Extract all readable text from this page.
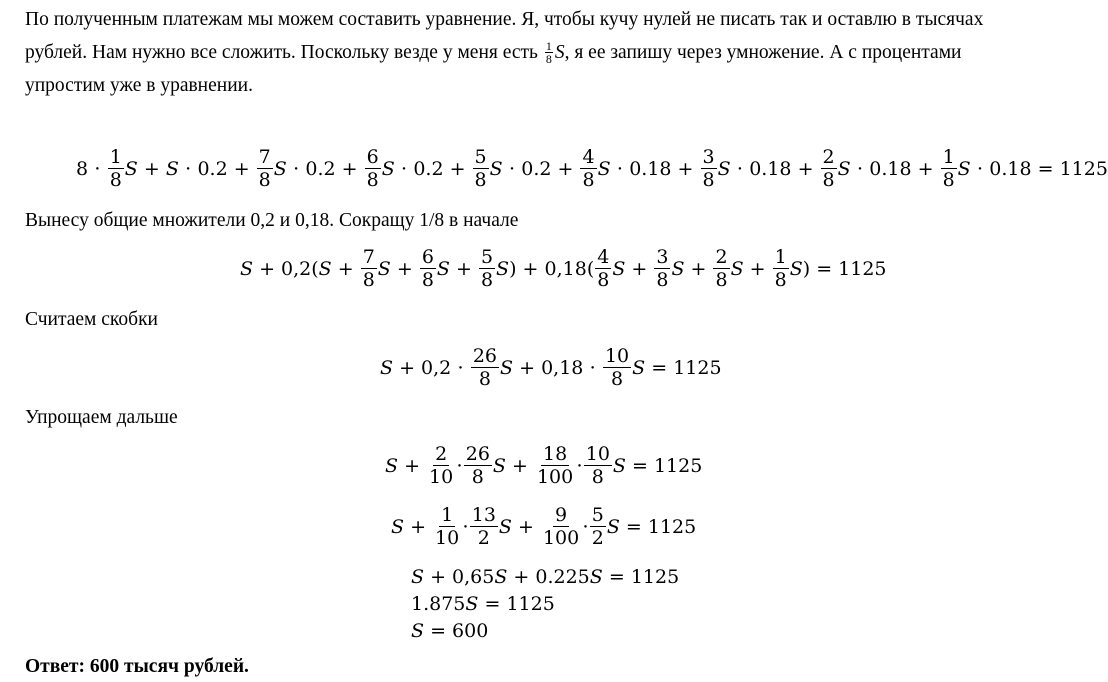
По полученным платежам мы можем составить уравнение. Я, чтобы кучу нулей не писать так и оставлю в тысячах рублей. Нам нужно все сложить. Поскольку везде у меня есть $\frac{1}{8} S$, я ее запишу через умножение. А с процентами упростим уже в уравнении.

$8 \cdot \frac{1}{8}$ $S + S \cdot 0.2 + \frac{7}{8}$ $S \cdot 0.2 + \frac{6}{8}$ $S \cdot 0.2 + \frac{5}{8}$ $S \cdot 0.2 + \frac{4}{8}$ $S \cdot 0.18 + \frac{3}{8}$ $S \cdot 0.18 + \frac{2}{8}$ $S \cdot 0.18 + \frac{1}{8}$ S ⋅ 0.18 = 1125
Вынесу общие множители 0,2 и 0,18. Сокращу 1/8 в начале
S + 0,2 ( $S + \frac{7}{8}$ $S + \frac{6}{8}$ $S + \frac{5}{8}$ S ) + 0,18 ( $\frac{4}{8}$ $S + \frac{3}{8}$ $S + \frac{2}{8}$ $S + \frac{1}{8}$ S ) = 1125
Считаем скобки
$S + 0,2 \cdot \frac{26}{8}$ $S + 0,18 \cdot \frac{10}{8}$ S = 1125
Упрощаем дальше
$S + \frac{2}{10} \cdot \frac{26}{8}$ $S + \frac{18}{100} \cdot \frac{10}{8}$ S = 1125
$S + \frac{1}{10} \cdot \frac{13}{2}$ $S + \frac{9}{100} \cdot \frac{5}{2}$ S = 1125
S + 0,65 S + 0.225 S = 1125
1.875 S = 1125
S = 600
Ответ: 600 тысяч рублей.
